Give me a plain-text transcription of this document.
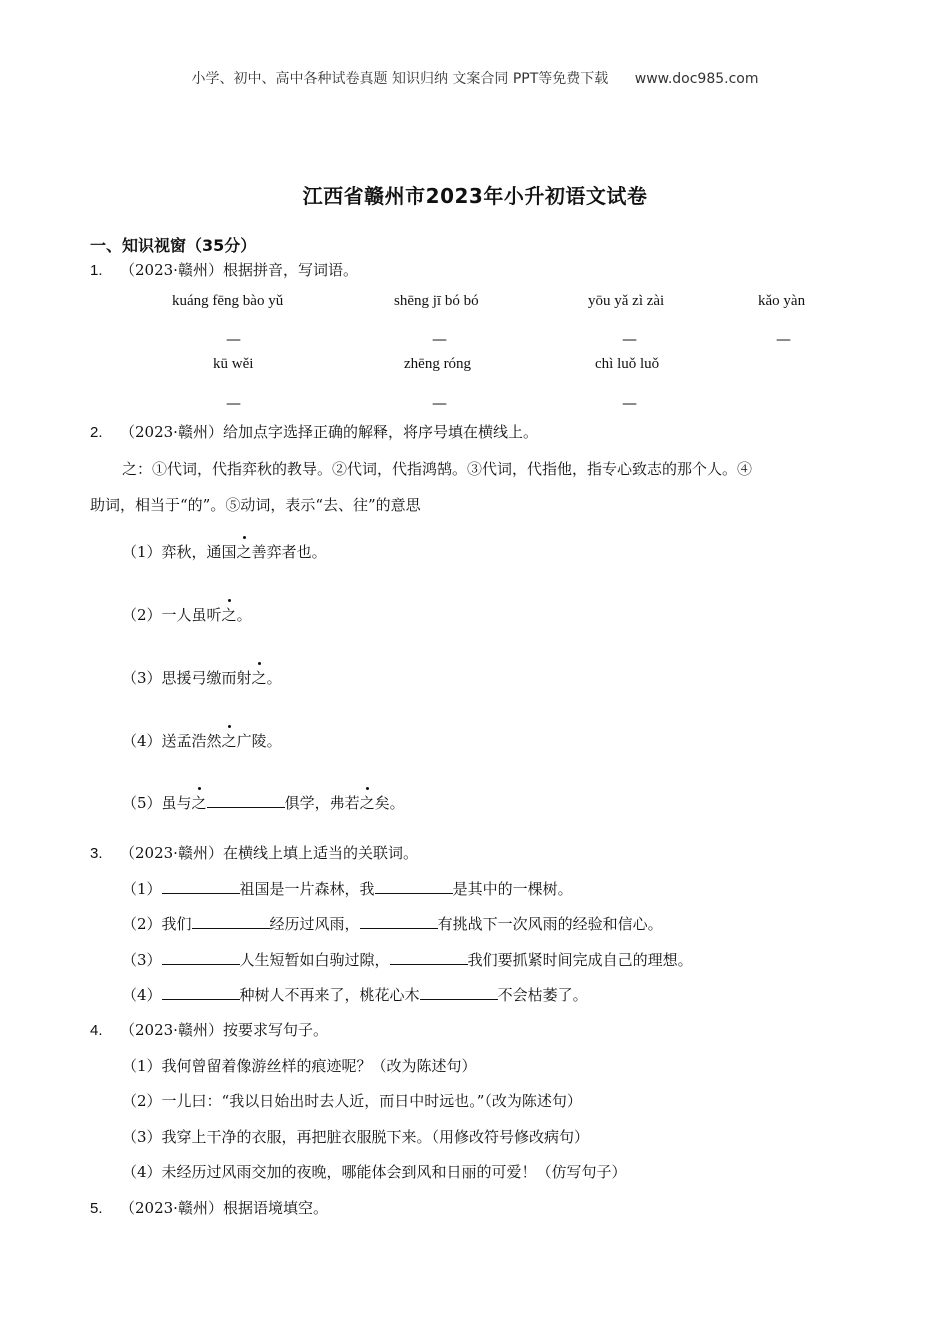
小学、初中、高中各种试卷真题 知识归纳 文案合同 PPT等免费下载 www.doc985.com
江西省赣州市2023年小升初语文试卷
一、知识视窗（35分）
1. （2023·赣州）根据拼音，写词语。
kuáng fēng bào yǔ	shēng jī bó bó	yōu yǎ zì zài	kǎo yàn
—	—	—	—
kū wěi	zhēng róng	chì luǒ luǒ
—	—	—
2. （2023·赣州）给加点字选择正确的解释，将序号填在横线上。
之：①代词，代指弈秋的教导。②代词，代指鸿鹄。③代词，代指他，指专心致志的那个人。④
助词，相当于“的”。⑤动词，表示“去、往”的意思
（1）弈秋，通国之善弈者也。
（2）一人虽听之。
（3）思援弓缴而射之。
（4）送孟浩然之广陵。
（5）虽与之	俱学，弗若之矣。
3. （2023·赣州）在横线上填上适当的关联词。
（1）	祖国是一片森林，我	是其中的一棵树。
（2）我们	经历过风雨，	有挑战下一次风雨的经验和信心。
（3）	人生短暂如白驹过隙，	我们要抓紧时间完成自己的理想。
（4）	种树人不再来了，桃花心木	不会枯萎了。
4. （2023·赣州）按要求写句子。
（1）我何曾留着像游丝样的痕迹呢？（改为陈述句）
（2）一儿曰：“我以日始出时去人近，而日中时远也。”（改为陈述句）
（3）我穿上干净的衣服，再把脏衣服脱下来。（用修改符号修改病句）
（4）未经历过风雨交加的夜晚，哪能体会到风和日丽的可爱！（仿写句子）
5. （2023·赣州）根据语境填空。
